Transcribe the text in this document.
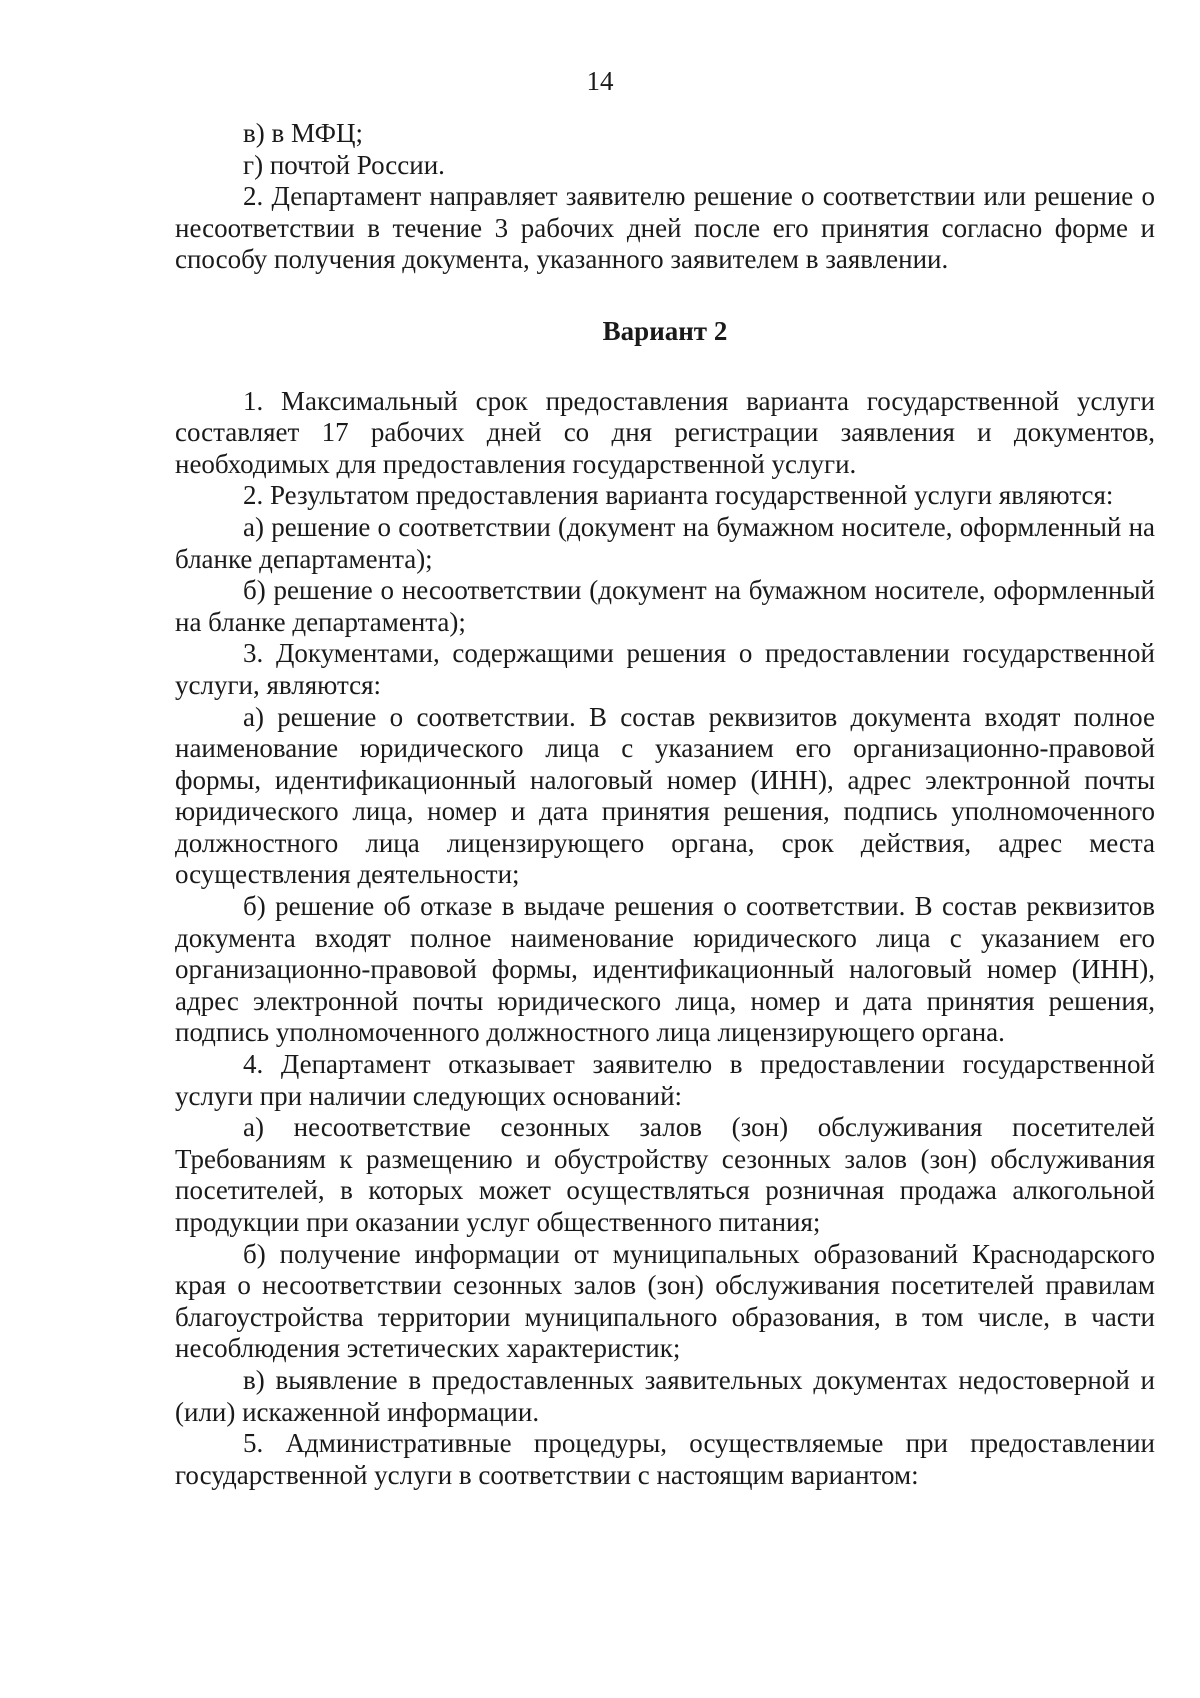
14

в) в МФЦ;

г) почтой России.

2. Департамент направляет заявителю решение о соответствии или решение о несоответствии в течение 3 рабочих дней после его принятия согласно форме и способу получения документа, указанного заявителем в заявлении.

Вариант 2

1. Максимальный срок предоставления варианта государственной услуги составляет 17 рабочих дней со дня регистрации заявления и документов, необходимых для предоставления государственной услуги.

2. Результатом предоставления варианта государственной услуги являются:

а) решение о соответствии (документ на бумажном носителе, оформленный на бланке департамента);

б) решение о несоответствии (документ на бумажном носителе, оформленный на бланке департамента);

3. Документами, содержащими решения о предоставлении государственной услуги, являются:

а) решение о соответствии. В состав реквизитов документа входят полное наименование юридического лица с указанием его организационно-правовой формы, идентификационный налоговый номер (ИНН), адрес электронной почты юридического лица, номер и дата принятия решения, подпись уполномоченного должностного лица лицензирующего органа, срок действия, адрес места осуществления деятельности;

б) решение об отказе в выдаче решения о соответствии. В состав реквизитов документа входят полное наименование юридического лица с указанием его организационно-правовой формы, идентификационный налоговый номер (ИНН), адрес электронной почты юридического лица, номер и дата принятия решения, подпись уполномоченного должностного лица лицензирующего органа.

4. Департамент отказывает заявителю в предоставлении государственной услуги при наличии следующих оснований:

а) несоответствие сезонных залов (зон) обслуживания посетителей Требованиям к размещению и обустройству сезонных залов (зон) обслуживания посетителей, в которых может осуществляться розничная продажа алкогольной продукции при оказании услуг общественного питания;

б) получение информации от муниципальных образований Краснодарского края о несоответствии сезонных залов (зон) обслуживания посетителей правилам благоустройства территории муниципального образования, в том числе, в части несоблюдения эстетических характеристик;

в) выявление в предоставленных заявительных документах недостоверной и (или) искаженной информации.

5. Административные процедуры, осуществляемые при предоставлении государственной услуги в соответствии с настоящим вариантом:
